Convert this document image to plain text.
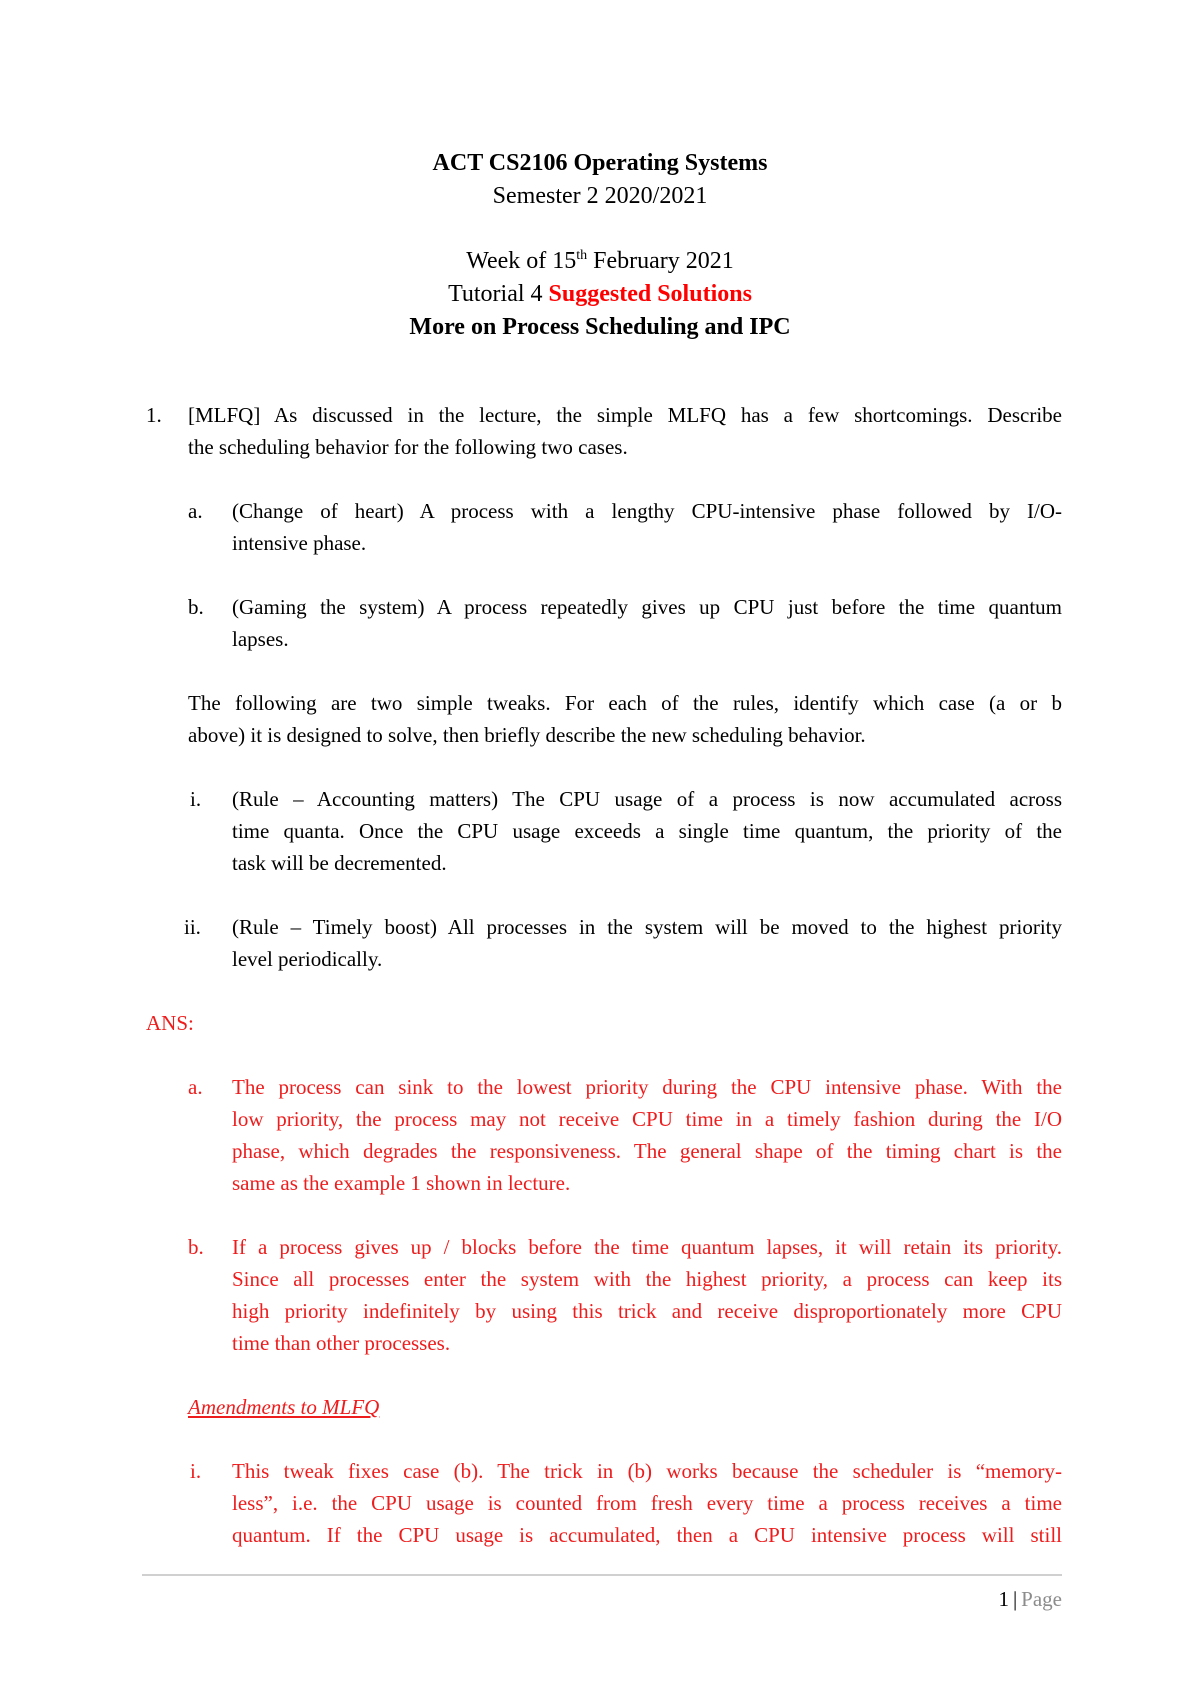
ACT CS2106 Operating Systems
Semester 2 2020/2021
Week of 15th February 2021
Tutorial 4 Suggested Solutions
More on Process Scheduling and IPC
1. [MLFQ] As discussed in the lecture, the simple MLFQ has a few shortcomings. Describe
the scheduling behavior for the following two cases.
a. (Change of heart) A process with a lengthy CPU-intensive phase followed by I/O-
intensive phase.
b. (Gaming the system) A process repeatedly gives up CPU just before the time quantum
lapses.
The following are two simple tweaks. For each of the rules, identify which case (a or b
above) it is designed to solve, then briefly describe the new scheduling behavior.
i. (Rule – Accounting matters) The CPU usage of a process is now accumulated across
time quanta. Once the CPU usage exceeds a single time quantum, the priority of the
task will be decremented.
ii. (Rule – Timely boost) All processes in the system will be moved to the highest priority
level periodically.
ANS:
a. The process can sink to the lowest priority during the CPU intensive phase. With the
low priority, the process may not receive CPU time in a timely fashion during the I/O
phase, which degrades the responsiveness. The general shape of the timing chart is the
same as the example 1 shown in lecture.
b. If a process gives up / blocks before the time quantum lapses, it will retain its priority.
Since all processes enter the system with the highest priority, a process can keep its
high priority indefinitely by using this trick and receive disproportionately more CPU
time than other processes.
Amendments to MLFQ
i. This tweak fixes case (b). The trick in (b) works because the scheduler is “memory-
less”, i.e. the CPU usage is counted from fresh every time a process receives a time
quantum. If the CPU usage is accumulated, then a CPU intensive process will still
1 | Page
